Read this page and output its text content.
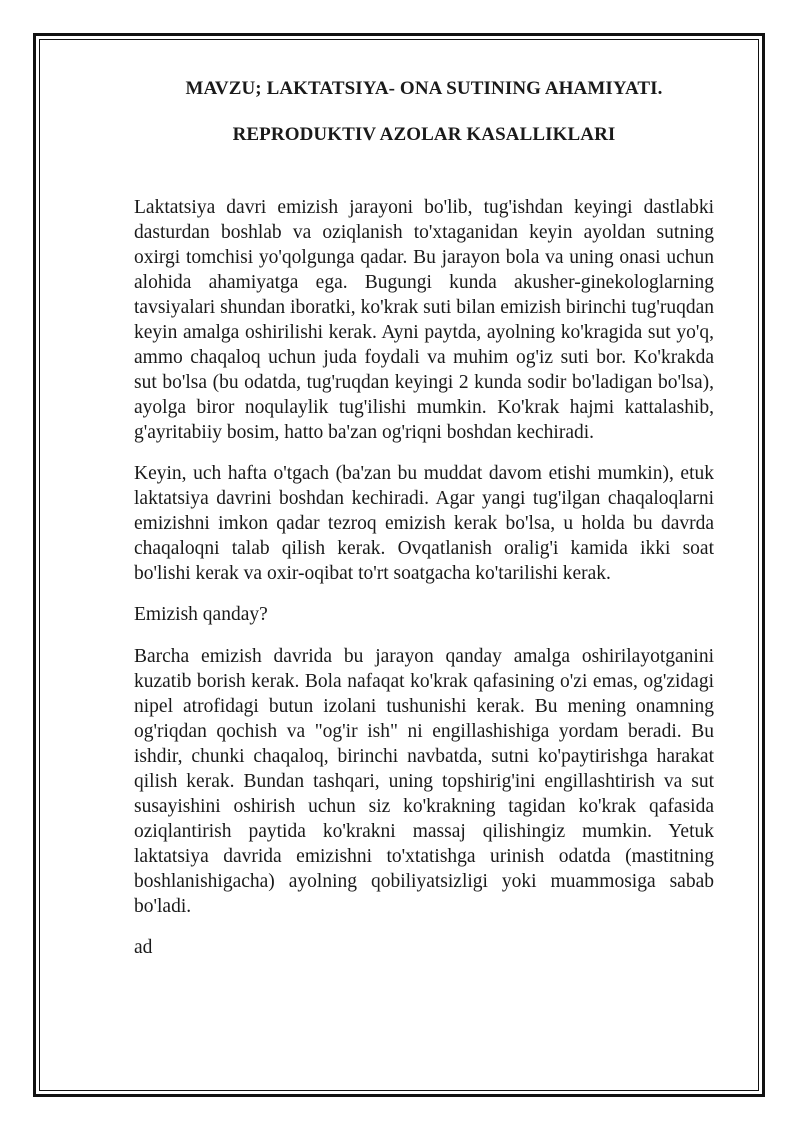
MAVZU; LAKTATSIYA- ONA SUTINING AHAMIYATI.

REPRODUKTIV AZOLAR KASALLIKLARI

Laktatsiya davri emizish jarayoni bo'lib, tug'ishdan keyingi dastlabki dasturdan boshlab va oziqlanish to'xtaganidan keyin ayoldan sutning oxirgi tomchisi yo'qolgunga qadar. Bu jarayon bola va uning onasi uchun alohida ahamiyatga ega. Bugungi kunda akusher-ginekologlarning tavsiyalari shundan iboratki, ko'krak suti bilan emizish birinchi tug'ruqdan keyin amalga oshirilishi kerak. Ayni paytda, ayolning ko'kragida sut yo'q, ammo chaqaloq uchun juda foydali va muhim og'iz suti bor. Ko'krakda sut bo'lsa (bu odatda, tug'ruqdan keyingi 2 kunda sodir bo'ladigan bo'lsa), ayolga biror noqulaylik tug'ilishi mumkin. Ko'krak hajmi kattalashib, g'ayritabiiy bosim, hatto ba'zan og'riqni boshdan kechiradi.

Keyin, uch hafta o'tgach (ba'zan bu muddat davom etishi mumkin), etuk laktatsiya davrini boshdan kechiradi. Agar yangi tug'ilgan chaqaloqlarni emizishni imkon qadar tezroq emizish kerak bo'lsa, u holda bu davrda chaqaloqni talab qilish kerak. Ovqatlanish oralig'i kamida ikki soat bo'lishi kerak va oxir-oqibat to'rt soatgacha ko'tarilishi kerak.

Emizish qanday?

Barcha emizish davrida bu jarayon qanday amalga oshirilayotganini kuzatib borish kerak. Bola nafaqat ko'krak qafasining o'zi emas, og'zidagi nipel atrofidagi butun izolani tushunishi kerak. Bu mening onamning og'riqdan qochish va "og'ir ish" ni engillashishiga yordam beradi. Bu ishdir, chunki chaqaloq, birinchi navbatda, sutni ko'paytirishga harakat qilish kerak. Bundan tashqari, uning topshirig'ini engillashtirish va sut susayishini oshirish uchun siz ko'krakning tagidan ko'krak qafasida oziqlantirish paytida ko'krakni massaj qilishingiz mumkin. Yetuk laktatsiya davrida emizishni to'xtatishga urinish odatda (mastitning boshlanishigacha) ayolning qobiliyatsizligi yoki muammosiga sabab bo'ladi.

ad
